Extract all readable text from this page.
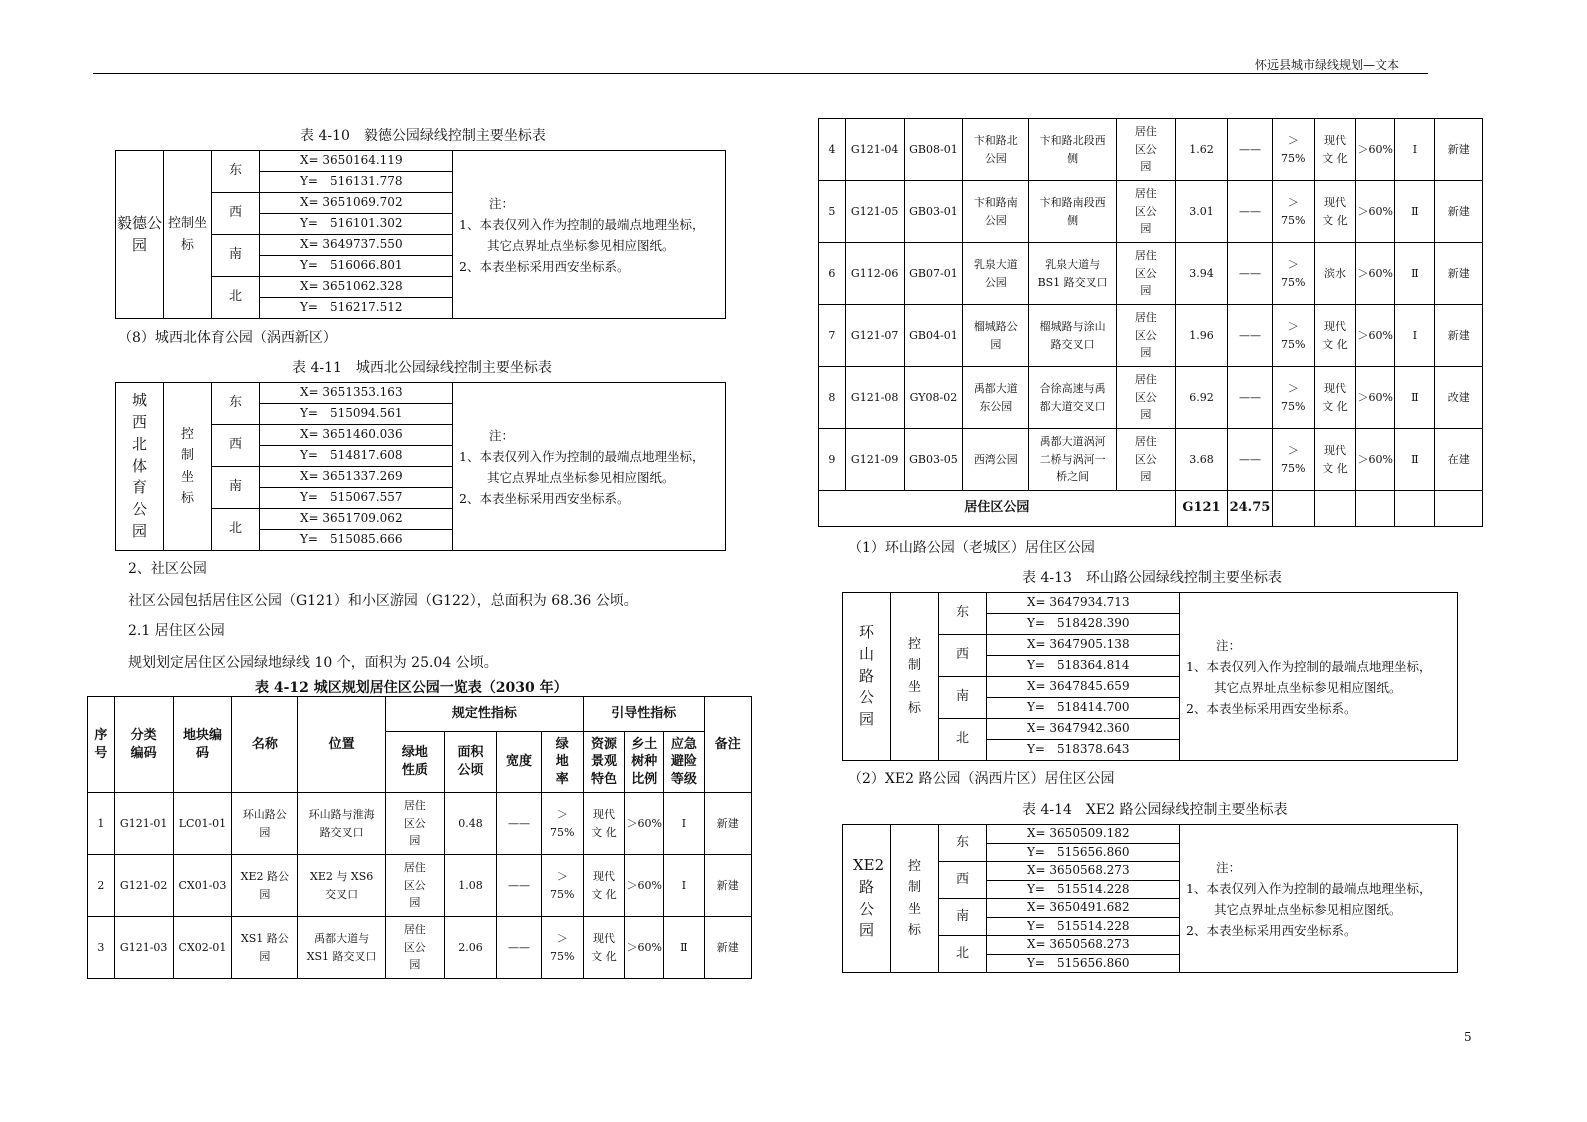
怀远县城市绿线规划—文本
5
表 4-10　毅德公园绿线控制主要坐标表
毅德公园	控制坐标	东	X= 3650164.119	注：
1、本表仅列入作为控制的最端点地理坐标，
其它点界址点坐标参见相应图纸。
2、本表坐标采用西安坐标系。

			Y=　516131.778	
		西	X= 3651069.702	
			Y=　516101.302	
		南	X= 3649737.550	
			Y=　516066.801	
		北	X= 3651062.328	
			Y=　516217.512	
（8）城西北体育公园（涡西新区）
表 4-11　城西北公园绿线控制主要坐标表
城西北体育公园	控制坐标	东	X= 3651353.163	注：
1、本表仅列入作为控制的最端点地理坐标，
其它点界址点坐标参见相应图纸。
2、本表坐标采用西安坐标系。

			Y=　515094.561	
		西	X= 3651460.036	
			Y=　514817.608	
		南	X= 3651337.269	
			Y=　515067.557	
		北	X= 3651709.062	
			Y=　515085.666	
2、社区公园
社区公园包括居住区公园（G121）和小区游园（G122），总面积为 68.36 公顷。
2.1 居住区公园
规划划定居住区公园绿地绿线 10 个，面积为 25.04 公顷。
表 4-12 城区规划居住区公园一览表（2030 年）
序号	分类编码	地块编码	名称	位置	规定性指标				引导性指标			备注
					绿地性质	面积公顷	宽度	绿地率	资源景观特色	乡土树种比例	应急避险等级	
1	G121-01	LC01-01	环山路公园	环山路与淮海路交叉口	居住区公园	0.48	——	＞75%	现代文 化	＞60%	Ⅰ	新建
2	G121-02	CX01-03	XE2 路公园	XE2 与 XS6 交叉口	居住区公园	1.08	——	＞75%	现代文 化	＞60%	Ⅰ	新建
3	G121-03	CX02-01	XS1 路公园	禹都大道与XS1 路交叉口	居住区公园	2.06	——	＞75%	现代文 化	＞60%	Ⅱ	新建
4	G121-04	GB08-01	卞和路北公园	卞和路北段西侧	居住区公园	1.62	——	＞75%	现代文 化	＞60%	Ⅰ	新建
5	G121-05	GB03-01	卞和路南公园	卞和路南段西侧	居住区公园	3.01	——	＞75%	现代文 化	＞60%	Ⅱ	新建
6	G112-06	GB07-01	乳泉大道公园	乳泉大道与BS1 路交叉口	居住区公园	3.94	——	＞75%	滨水	＞60%	Ⅱ	新建
7	G121-07	GB04-01	榴城路公园	榴城路与涂山路交叉口	居住区公园	1.96	——	＞75%	现代文 化	＞60%	Ⅰ	新建
8	G121-08	GY08-02	禹都大道东公园	合徐高速与禹都大道交叉口	居住区公园	6.92	——	＞75%	现代文 化	＞60%	Ⅱ	改建
9	G121-09	GB03-05	西湾公园	禹都大道涡河二桥与涡河一桥之间	居住区公园	3.68	——	＞75%	现代文 化	＞60%	Ⅱ	在建
居住区公园						G121	24.75					
（1）环山路公园（老城区）居住区公园
表 4-13　环山路公园绿线控制主要坐标表
环山路公园	控制坐标	东	X= 3647934.713	注：
1、本表仅列入作为控制的最端点地理坐标，
其它点界址点坐标参见相应图纸。
2、本表坐标采用西安坐标系。

			Y=　518428.390	
		西	X= 3647905.138	
			Y=　518364.814	
		南	X= 3647845.659	
			Y=　518414.700	
		北	X= 3647942.360	
			Y=　518378.643	
（2）XE2 路公园（涡西片区）居住区公园
表 4-14　XE2 路公园绿线控制主要坐标表
XE2路公园	控制坐标	东	X= 3650509.182	注：
1、本表仅列入作为控制的最端点地理坐标，
其它点界址点坐标参见相应图纸。
2、本表坐标采用西安坐标系。

			Y=　515656.860	
		西	X= 3650568.273	
			Y=　515514.228	
		南	X= 3650491.682	
			Y=　515514.228	
		北	X= 3650568.273	
			Y=　515656.860	
